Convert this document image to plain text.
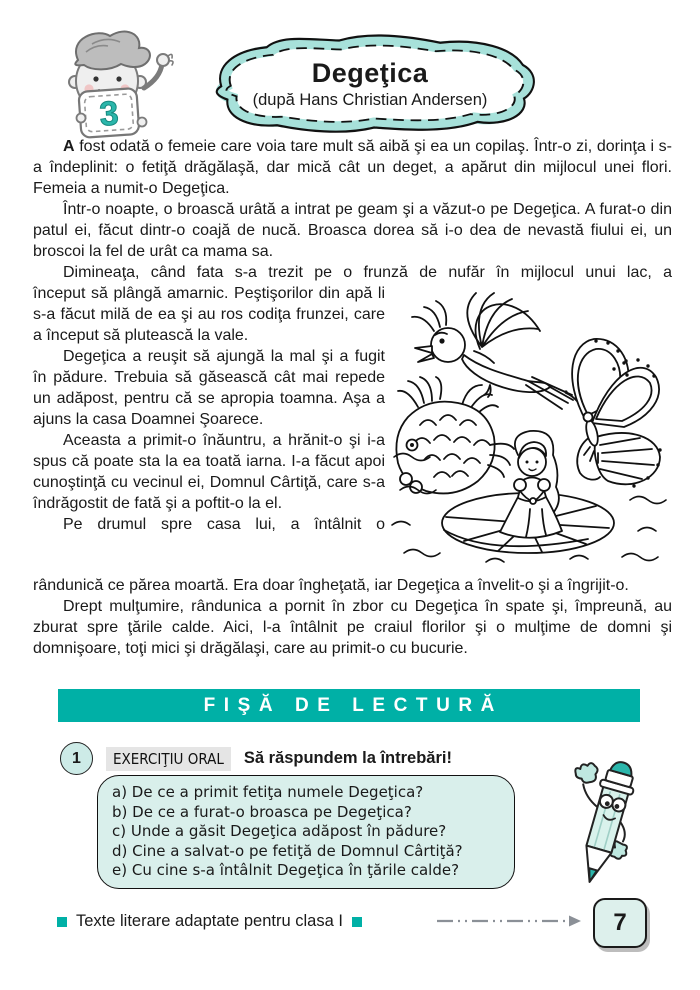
3
Degeţica
(după Hans Christian Andersen)

A fost odată o femeie care voia tare mult să aibă şi ea un copilaş. Într-o zi, dorinţa i s-a îndeplinit: o fetiţă drăgălaşă, dar mică cât un deget, a apărut din mijlocul unei flori. Femeia a numit-o Degeţica.

Într-o noapte, o broască urâtă a intrat pe geam şi a văzut-o pe Degeţica. A furat-o din patul ei, făcut dintr-o coajă de nucă. Broasca dorea să i-o dea de nevastă fiului ei, un broscoi la fel de urât ca mama sa.

Dimineaţa, când fata s-a trezit pe o frunză de nufăr în mijlocul unui lac, a

început să plângă amarnic. Peştişorilor din apă li s-a făcut milă de ea şi au ros codiţa frunzei, care a început să plutească la vale.

Degeţica a reuşit să ajungă la mal şi a fugit în pădure. Trebuia să găsească cât mai repede un adăpost, pentru că se apropia toamna. Aşa a ajuns la casa Doamnei Şoarece.

Aceasta a primit-o înăuntru, a hrănit-o şi i-a spus că poate sta la ea toată iarna. I-a făcut apoi cunoştinţă cu vecinul ei, Domnul Cârtiţă, care s-a îndrăgostit de fată şi a poftit-o la el.

Pe drumul spre casa lui, a întâlnit o

rândunică ce părea moartă. Era doar îngheţată, iar Degeţica a învelit-o şi a îngrijit-o.

Drept mulţumire, rândunica a pornit în zbor cu Degeţica în spate şi, împreună, au zburat spre ţările calde. Aici, l-a întâlnit pe craiul florilor şi o mulţime de domni şi domnişoare, toţi mici şi drăgălaşi, care au primit-o cu bucurie.

FIŞĂ DE LECTURĂ
1	EXERCIŢIU ORAL	Să răspundem la întrebări!
a) De ce a primit fetiţa numele Degeţica?
b) De ce a furat-o broasca pe Degeţica?
c) Unde a găsit Degeţica adăpost în pădure?
d) Cine a salvat-o pe fetiţă de Domnul Cârtiţă?
e) Cu cine s-a întâlnit Degeţica în ţările calde?
Texte literare adaptate pentru clasa I	7
